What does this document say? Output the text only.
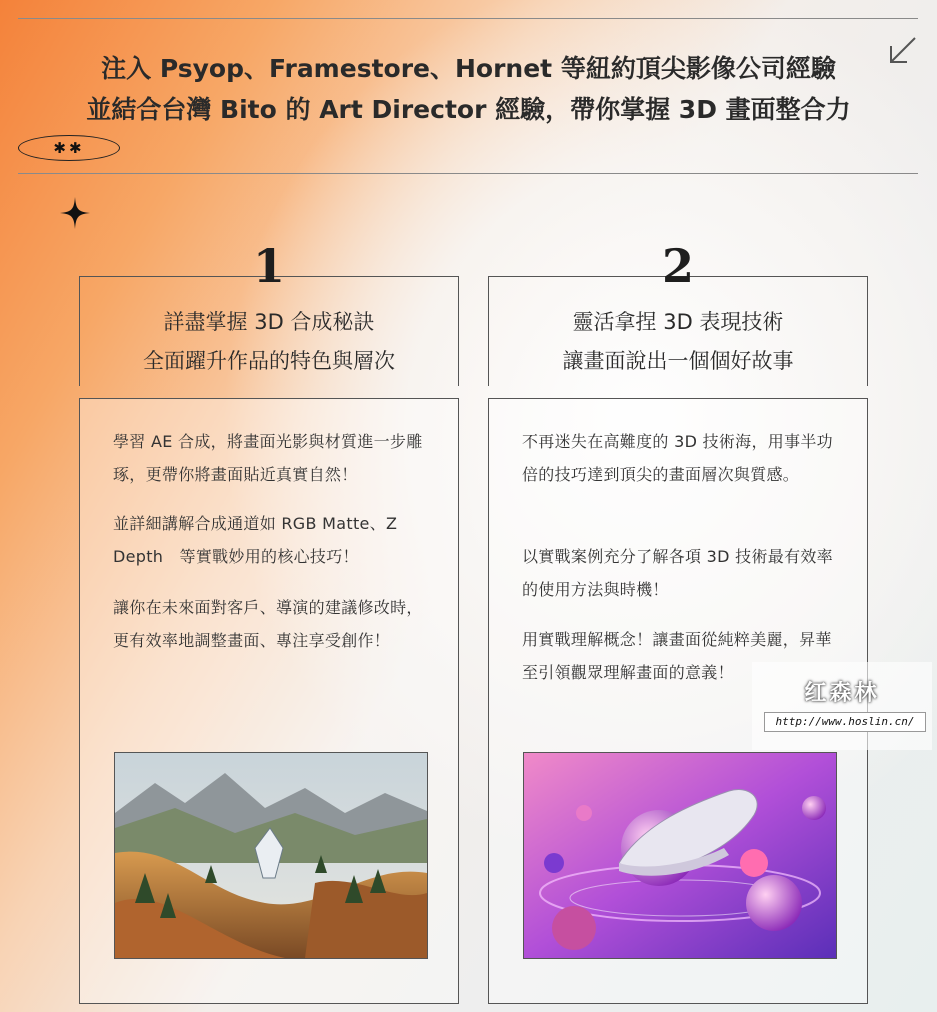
注入 Psyop、Framestore、Hornet 等紐約頂尖影像公司經驗
並結合台灣 Bito 的 Art Director 經驗，帶你掌握 3D 畫面整合力
✱✱
1
詳盡掌握 3D 合成秘訣
全面躍升作品的特色與層次
2
靈活拿捏 3D 表現技術
讓畫面說出一個個好故事
學習 AE 合成，將畫面光影與材質進一步雕琢，更帶你將畫面貼近真實自然！
並詳細講解合成通道如 RGB Matte、Z Depth　等實戰妙用的核心技巧！
讓你在未來面對客戶、導演的建議修改時，更有效率地調整畫面、專注享受創作！
不再迷失在高難度的 3D 技術海，用事半功倍的技巧達到頂尖的畫面層次與質感。
以實戰案例充分了解各項 3D 技術最有效率的使用方法與時機！
用實戰理解概念！讓畫面從純粹美麗，昇華至引領觀眾理解畫面的意義！
红森林
http://www.hoslin.cn/
